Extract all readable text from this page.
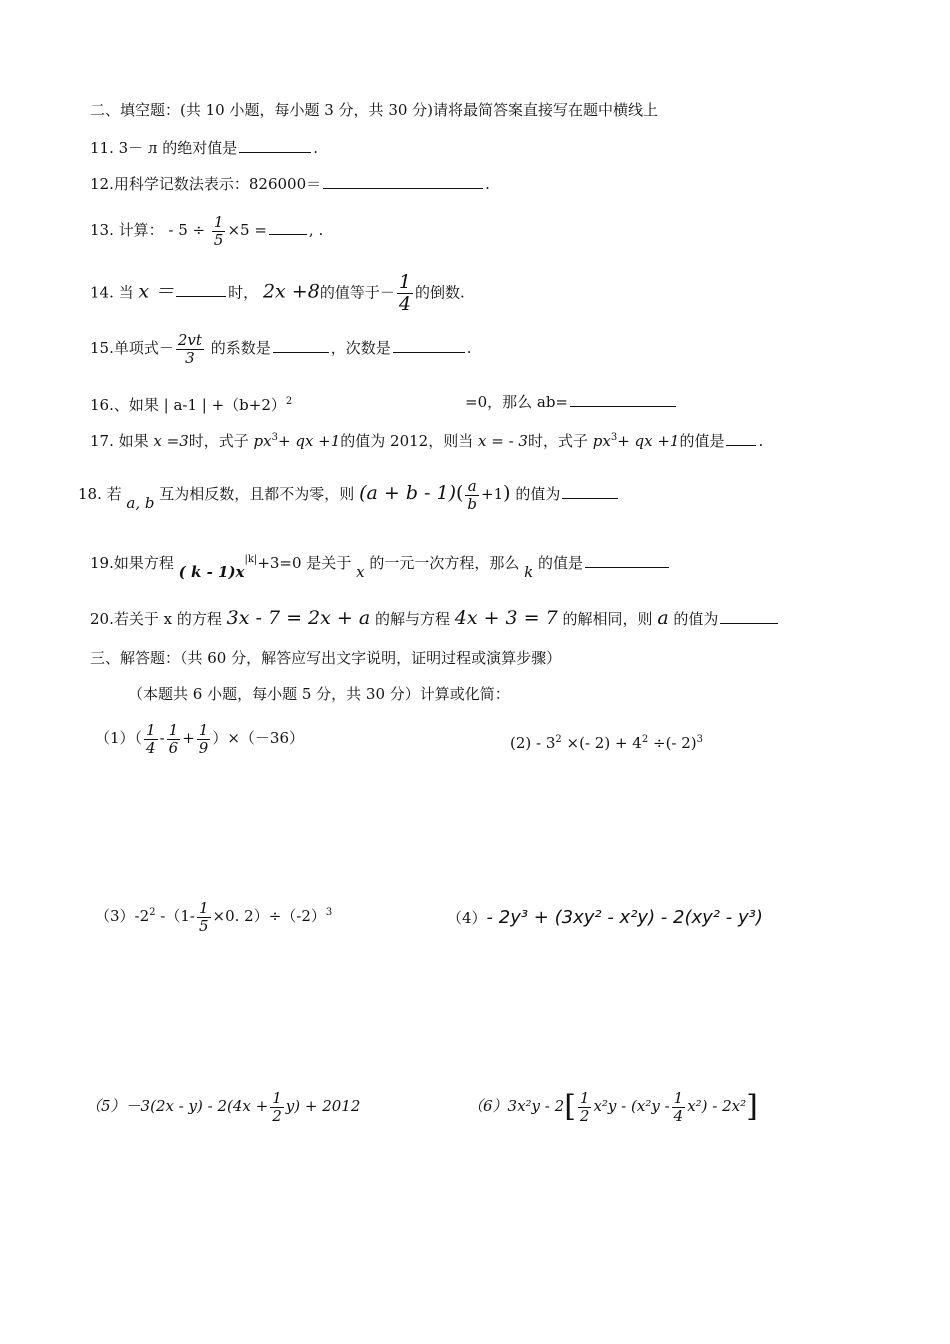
二、填空题：(共 10 小题，每小题 3 分，共 30 分)请将最简答案直接写在题中横线上
11. 3－ л 的绝对值是	.
12.用科学记数法表示：826000＝	.
13. 计算： - $5 \div \frac{1}{5} \times 5$ =	, .
14. 当 x ＝	时， 2x +8的值等于－ $\frac{1}{4}$ 的倒数.
15.单项式－ $\frac{2vt}{3}$ 的系数是	，次数是	.
16.、如果 | a-1 | $+(b+2)^2$	=0，那么 ab=
17. 如果 x =3时，式子 $px^3+$ qx +1的值为 2012，则当 x = - 3时，式子 $px^3+$ qx +1的值是 .
18. 若 a, b 互为相反数，且都不为零，则 $(a + b - 1)( \frac{a}{b} +1)$ 的值为
19.如果方程 ( $k - 1)x^{|k|}+3=0$ 是关于 x 的一元一次方程，那么 k 的值是
20.若关于 x 的方程 3x - 7 = 2x + a 的解与方程 4x + 3 = 7 的解相同，则 a 的值为
三、解答题：（共 60 分，解答应写出文字说明，证明过程或演算步骤）
（本题共 6 小题，每小题 5 分，共 30 分）计算或化简：
$(1)( \frac{1}{4} - \frac{1}{6} + \frac{1}{9} )\times(-36)$	$(2) - 3^2$ ×(- $2) + 4^2$ ÷(- 2)$^3$
$(3)-2^2$ $-(1- \frac{1}{5} \times 0$. $2)\div(-2)^3$	（4）- 2y³ + (3xy² - x²y) - 2(xy² - y³)
$(5)-3(2x - y) - 2(4x + \frac{1}{2} y) + 2012$	$(6)3x^2y - 2[ \frac{1}{2} x^2y - (x^2y - \frac{1}{4} x^2) - 2x^2]$
